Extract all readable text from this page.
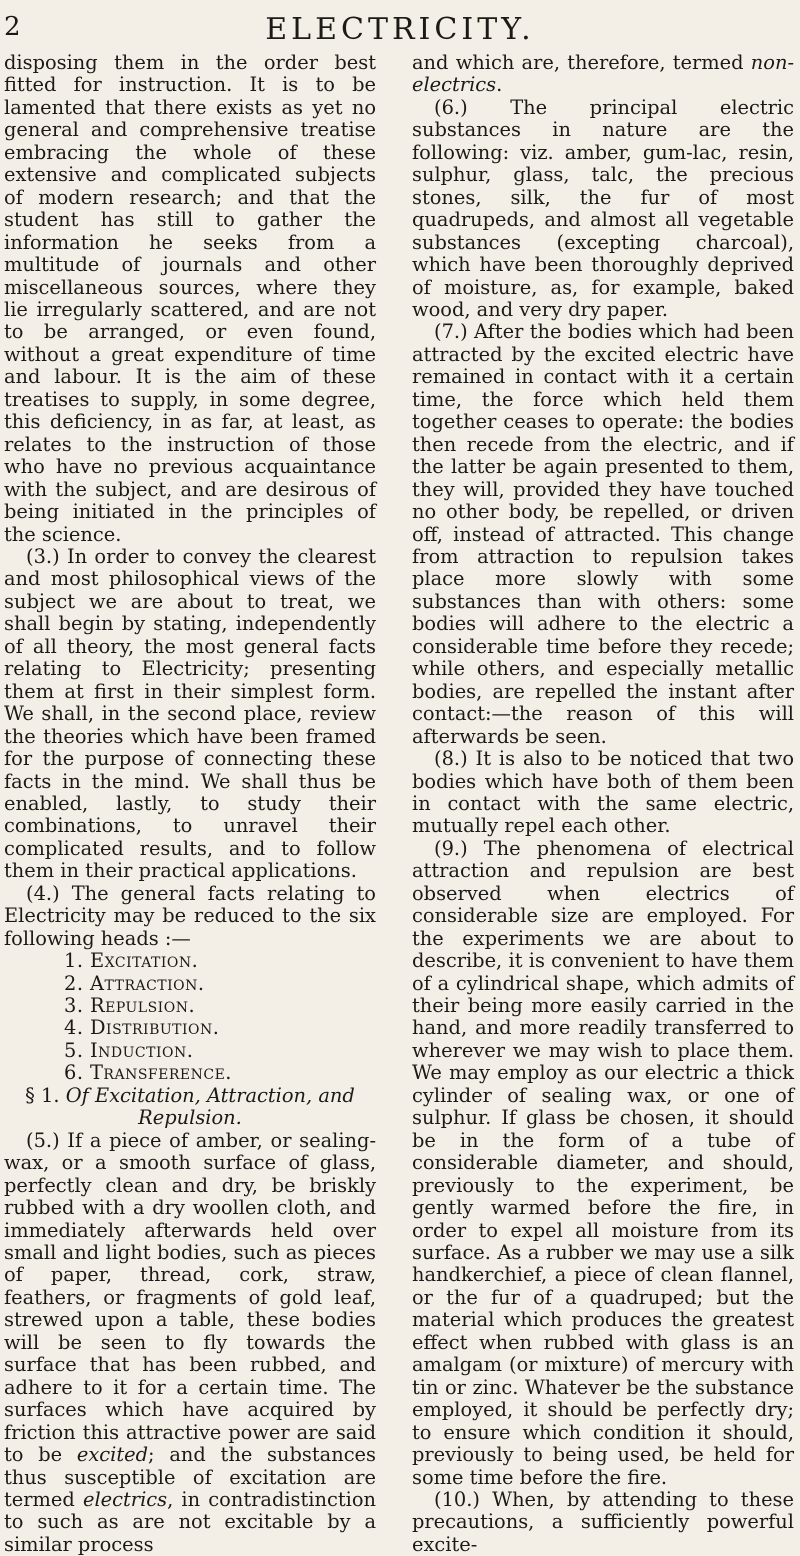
2	ELECTRICITY.

disposing them in the order best fitted for instruction. It is to be lamented that there exists as yet no general and comprehensive treatise embracing the whole of these extensive and complicated subjects of modern research; and that the student has still to gather the information he seeks from a multitude of journals and other miscellaneous sources, where they lie irregularly scattered, and are not to be arranged, or even found, without a great expenditure of time and labour. It is the aim of these treatises to supply, in some degree, this deficiency, in as far, at least, as relates to the instruction of those who have no previous acquaintance with the subject, and are desirous of being initiated in the principles of the science.

(3.) In order to convey the clearest and most philosophical views of the subject we are about to treat, we shall begin by stating, independently of all theory, the most general facts relating to Electricity; presenting them at first in their simplest form. We shall, in the second place, review the theories which have been framed for the purpose of connecting these facts in the mind. We shall thus be enabled, lastly, to study their combinations, to unravel their complicated results, and to follow them in their practical applications.

(4.) The general facts relating to Electricity may be reduced to the six following heads :—

1. Excitation.
2. Attraction.
3. Repulsion.
4. Distribution.
5. Induction.
6. Transference.

§ 1. Of Excitation, Attraction, and
Repulsion.

(5.) If a piece of amber, or sealing-wax, or a smooth surface of glass, perfectly clean and dry, be briskly rubbed with a dry woollen cloth, and immediately afterwards held over small and light bodies, such as pieces of paper, thread, cork, straw, feathers, or fragments of gold leaf, strewed upon a table, these bodies will be seen to fly towards the surface that has been rubbed, and adhere to it for a certain time. The surfaces which have acquired by friction this attractive power are said to be excited; and the substances thus susceptible of excitation are termed electrics, in contradistinction to such as are not excitable by a similar process

and which are, therefore, termed non-electrics.

(6.) The principal electric substances in nature are the following: viz. amber, gum-lac, resin, sulphur, glass, talc, the precious stones, silk, the fur of most quadrupeds, and almost all vegetable substances (excepting charcoal), which have been thoroughly deprived of moisture, as, for example, baked wood, and very dry paper.

(7.) After the bodies which had been attracted by the excited electric have remained in contact with it a certain time, the force which held them together ceases to operate: the bodies then recede from the electric, and if the latter be again presented to them, they will, provided they have touched no other body, be repelled, or driven off, instead of attracted. This change from attraction to repulsion takes place more slowly with some substances than with others: some bodies will adhere to the electric a considerable time before they recede; while others, and especially metallic bodies, are repelled the instant after contact:—the reason of this will afterwards be seen.

(8.) It is also to be noticed that two bodies which have both of them been in contact with the same electric, mutually repel each other.

(9.) The phenomena of electrical attraction and repulsion are best observed when electrics of considerable size are employed. For the experiments we are about to describe, it is convenient to have them of a cylindrical shape, which admits of their being more easily carried in the hand, and more readily transferred to wherever we may wish to place them. We may employ as our electric a thick cylinder of sealing wax, or one of sulphur. If glass be chosen, it should be in the form of a tube of considerable diameter, and should, previously to the experiment, be gently warmed before the fire, in order to expel all moisture from its surface. As a rubber we may use a silk handkerchief, a piece of clean flannel, or the fur of a quadruped; but the material which produces the greatest effect when rubbed with glass is an amalgam (or mixture) of mercury with tin or zinc. Whatever be the substance employed, it should be perfectly dry; to ensure which condition it should, previously to being used, be held for some time before the fire.

(10.) When, by attending to these precautions, a sufficiently powerful excite-
